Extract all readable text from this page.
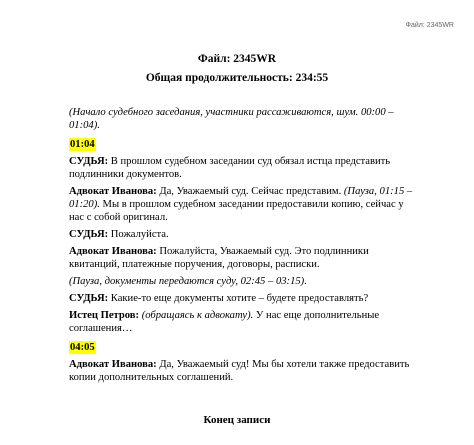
Файл: 2345WR
Файл: 2345WR
Общая продолжительность: 234:55

(Начало судебного заседания, участники рассаживаются, шум. 00:00 – 01:04).

01:04

СУДЬЯ: В прошлом судебном заседании суд обязал истца представить подлинники документов.

Адвокат Иванова: Да, Уважаемый суд. Сейчас представим. (Пауза, 01:15 – 01:20). Мы в прошлом судебном заседании предоставили копию, сейчас у нас с собой оригинал.

СУДЬЯ: Пожалуйста.

Адвокат Иванова: Пожалуйста, Уважаемый суд. Это подлинники квитанций, платежные поручения, договоры, расписки.

(Пауза, документы передаются суду, 02:45 – 03:15).

СУДЬЯ: Какие-то еще документы хотите – будете предоставлять?

Истец Петров: (обращаясь к адвокату). У нас еще дополнительные соглашения…

04:05

Адвокат Иванова: Да, Уважаемый суд! Мы бы хотели также предоставить копии дополнительных соглашений.

Конец записи
